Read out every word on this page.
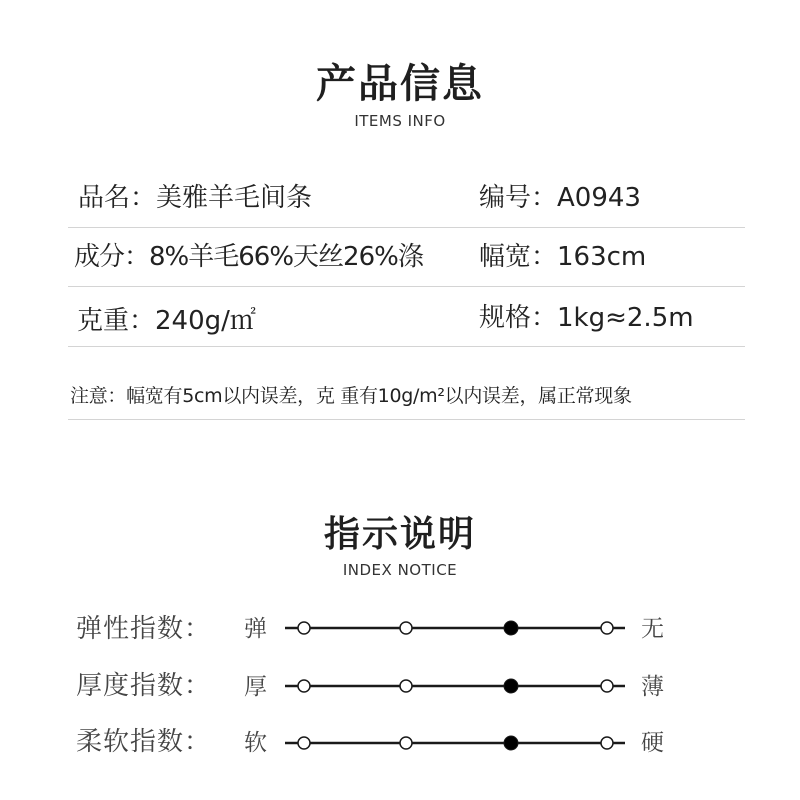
产品信息
ITEMS INFO
品名：美雅羊毛间条	编号：A0943
成分：8%羊毛66%天丝26%涤 幅宽：163cm
克重：240g/㎡	规格：1kg≈2.5m
注意：幅宽有5cm以内误差，克 重有10g/m²以内误差，属正常现象
指示说明
INDEX NOTICE
弹性指数： 弹	无
厚度指数： 厚	薄
柔软指数： 软	硬
